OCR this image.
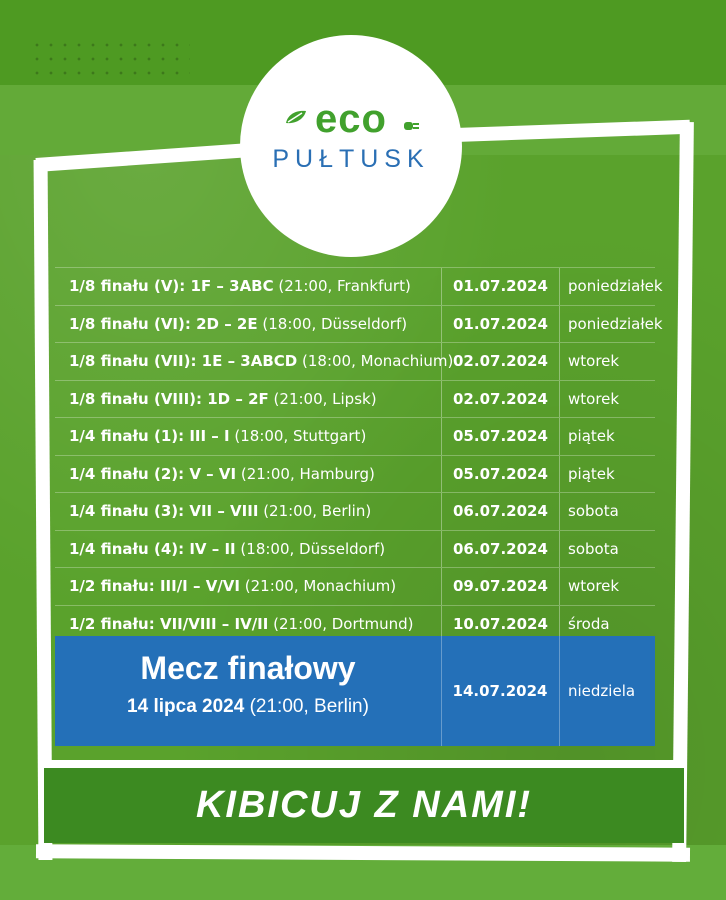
eco
PUŁTUSK
1/8 finału (V): 1F – 3ABC
(21:00, Frankfurt)	01.07.2024	poniedziałek
1/8 finału (VI): 2D – 2E
(18:00, Düsseldorf)	01.07.2024	poniedziałek
1/8 finału (VII): 1E – 3ABCD
(18:00, Monachium) 02.07.2024	wtorek
1/8 finału (VIII): 1D – 2F
(21:00, Lipsk)	02.07.2024	wtorek
1/4 finału (1): III – I
(18:00, Stuttgart)	05.07.2024	piątek
1/4 finału (2): V – VI
(21:00, Hamburg)	05.07.2024	piątek
1/4 finału (3): VII – VIII
(21:00, Berlin)	06.07.2024	sobota
1/4 finału (4): IV – II
(18:00, Düsseldorf)	06.07.2024	sobota
1/2 finału: III/I – V/VI
(21:00, Monachium)	09.07.2024	wtorek
1/2 finału: VII/VIII – IV/II
(21:00, Dortmund)	10.07.2024	środa
Mecz finałowy
14 lipca 2024 (21:00, Berlin)
14.07.2024	niedziela
KIBICUJ Z NAMI!
